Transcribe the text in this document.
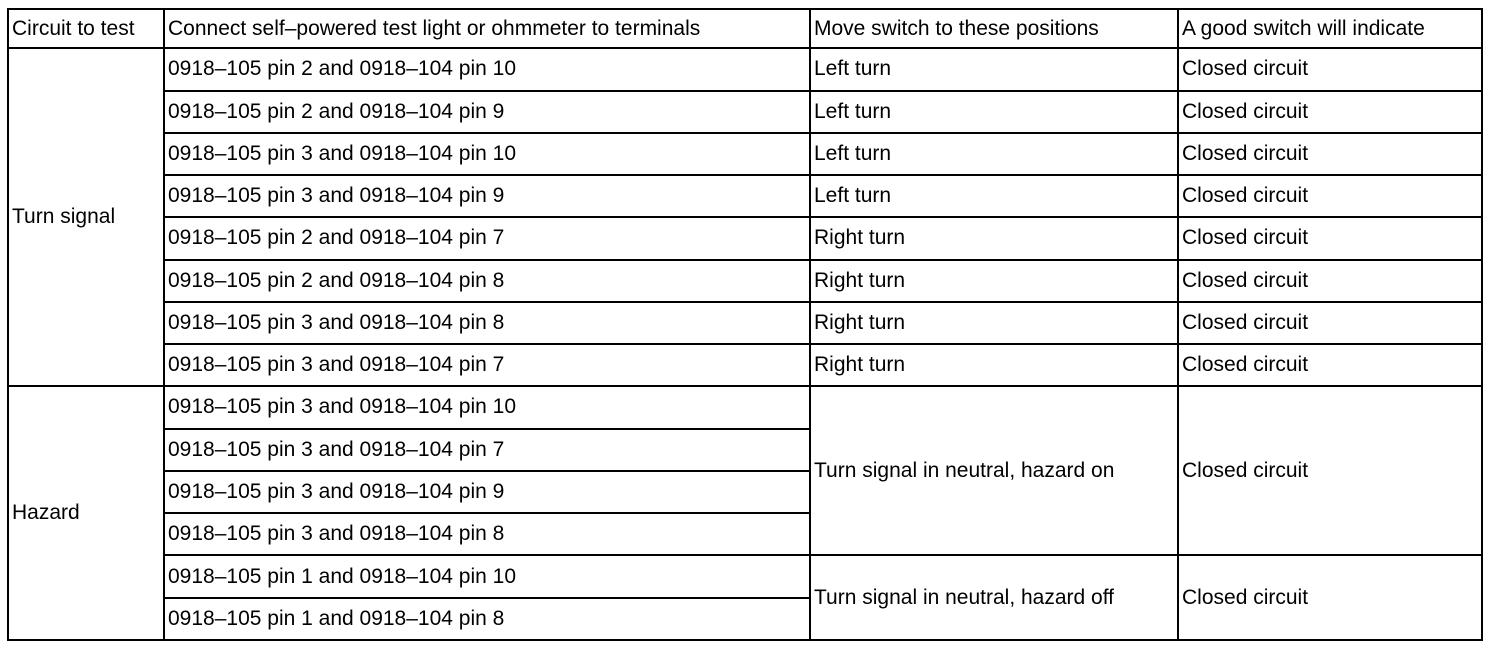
Circuit to test	Connect self–powered test light or ohmmeter to terminals	Move switch to these positions	A good switch will indicate
Turn signal	0918–105 pin 2 and 0918–104 pin 10	Left turn	Closed circuit
	0918–105 pin 2 and 0918–104 pin 9	Left turn	Closed circuit
	0918–105 pin 3 and 0918–104 pin 10	Left turn	Closed circuit
	0918–105 pin 3 and 0918–104 pin 9	Left turn	Closed circuit
	0918–105 pin 2 and 0918–104 pin 7	Right turn	Closed circuit
	0918–105 pin 2 and 0918–104 pin 8	Right turn	Closed circuit
	0918–105 pin 3 and 0918–104 pin 8	Right turn	Closed circuit
	0918–105 pin 3 and 0918–104 pin 7	Right turn	Closed circuit
Hazard	0918–105 pin 3 and 0918–104 pin 10	Turn signal in neutral, hazard on	Closed circuit
	0918–105 pin 3 and 0918–104 pin 7		
	0918–105 pin 3 and 0918–104 pin 9		
	0918–105 pin 3 and 0918–104 pin 8		
	0918–105 pin 1 and 0918–104 pin 10	Turn signal in neutral, hazard off	Closed circuit
	0918–105 pin 1 and 0918–104 pin 8		
